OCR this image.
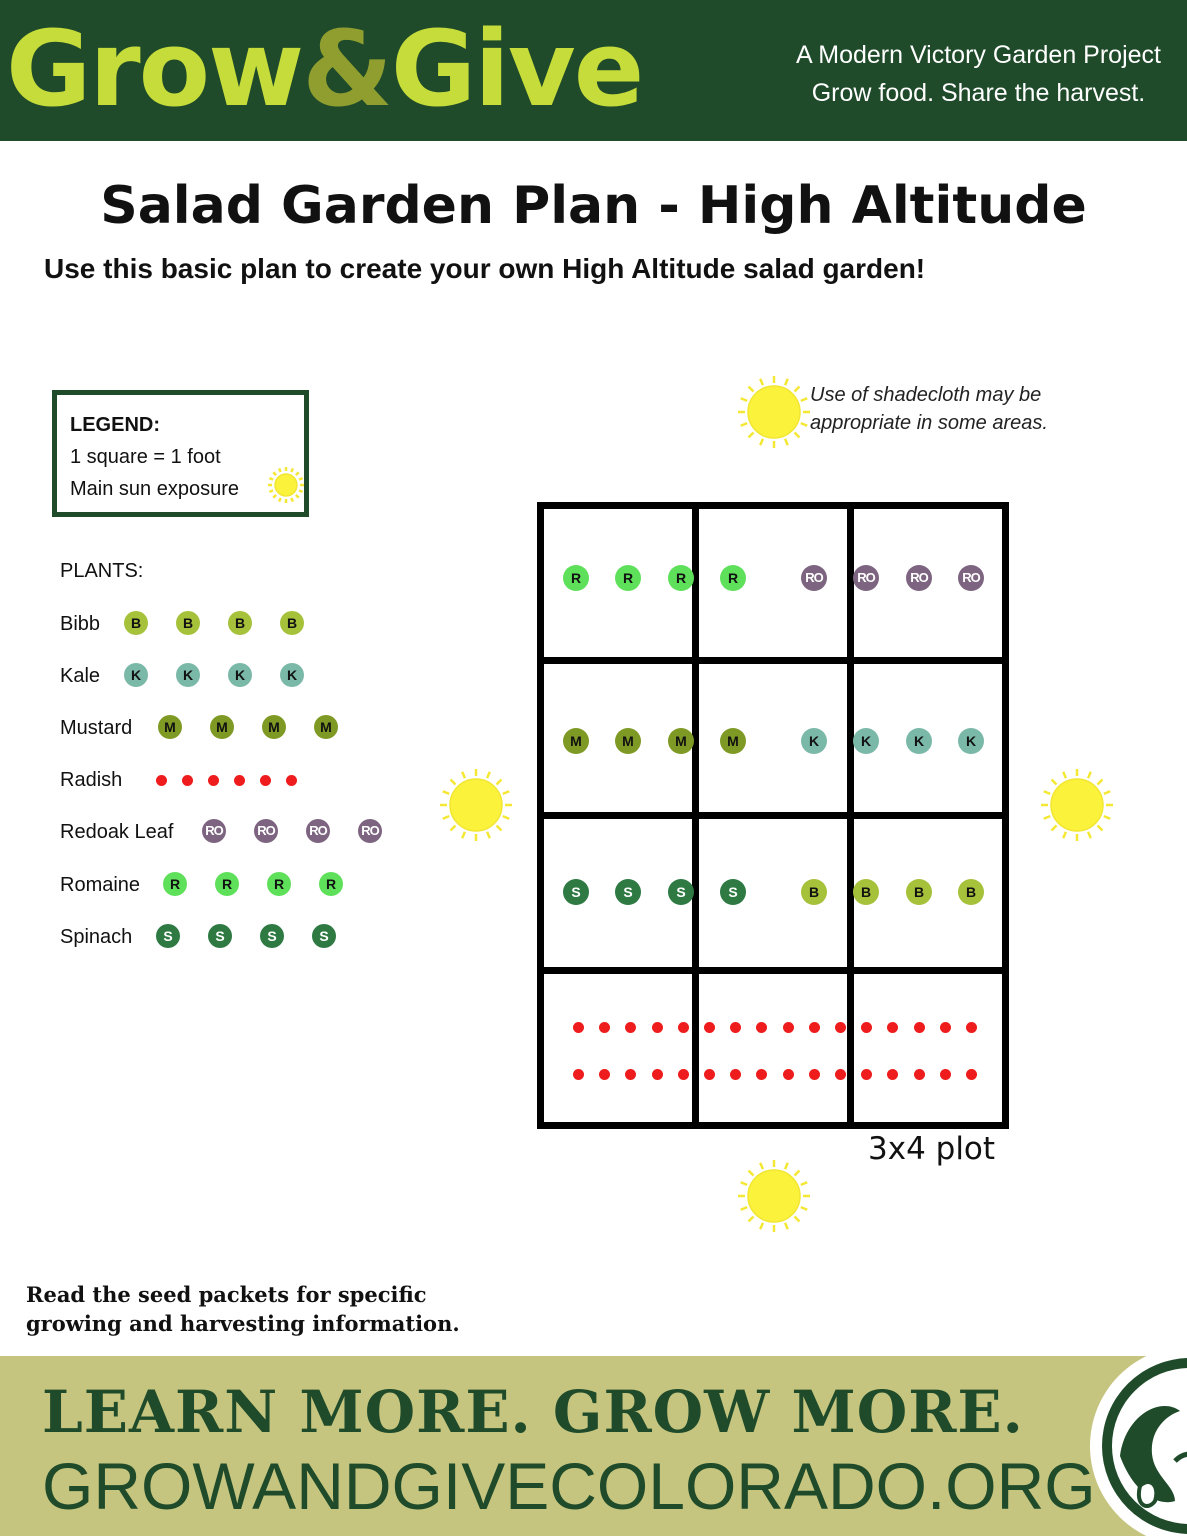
Grow&Give	A Modern Victory Garden Project
Grow food. Share the harvest.
Salad Garden Plan - High Altitude
Use this basic plan to create your own High Altitude salad garden!
LEGEND:
1 square = 1 foot
Main sun exposure
PLANTS:
Bibb	B	B	B	B
Kale	K	K	K	K
Mustard	M	M	M	M
Radish
Redoak Leaf RO	RO	RO	RO
Romaine	R	R	R	R
Spinach	S	S	S	S
Use of shadecloth may be
appropriate in some areas.
R	R	R	R	RO	RO	RO	RO
M	M	M	M	K	K	K	K
S	S	S	S	B	B	B	B
3x4 plot
Read the seed packets for specific
growing and harvesting information.
LEARN MORE. GROW MORE.
GROWANDGIVECOLORADO.ORG
